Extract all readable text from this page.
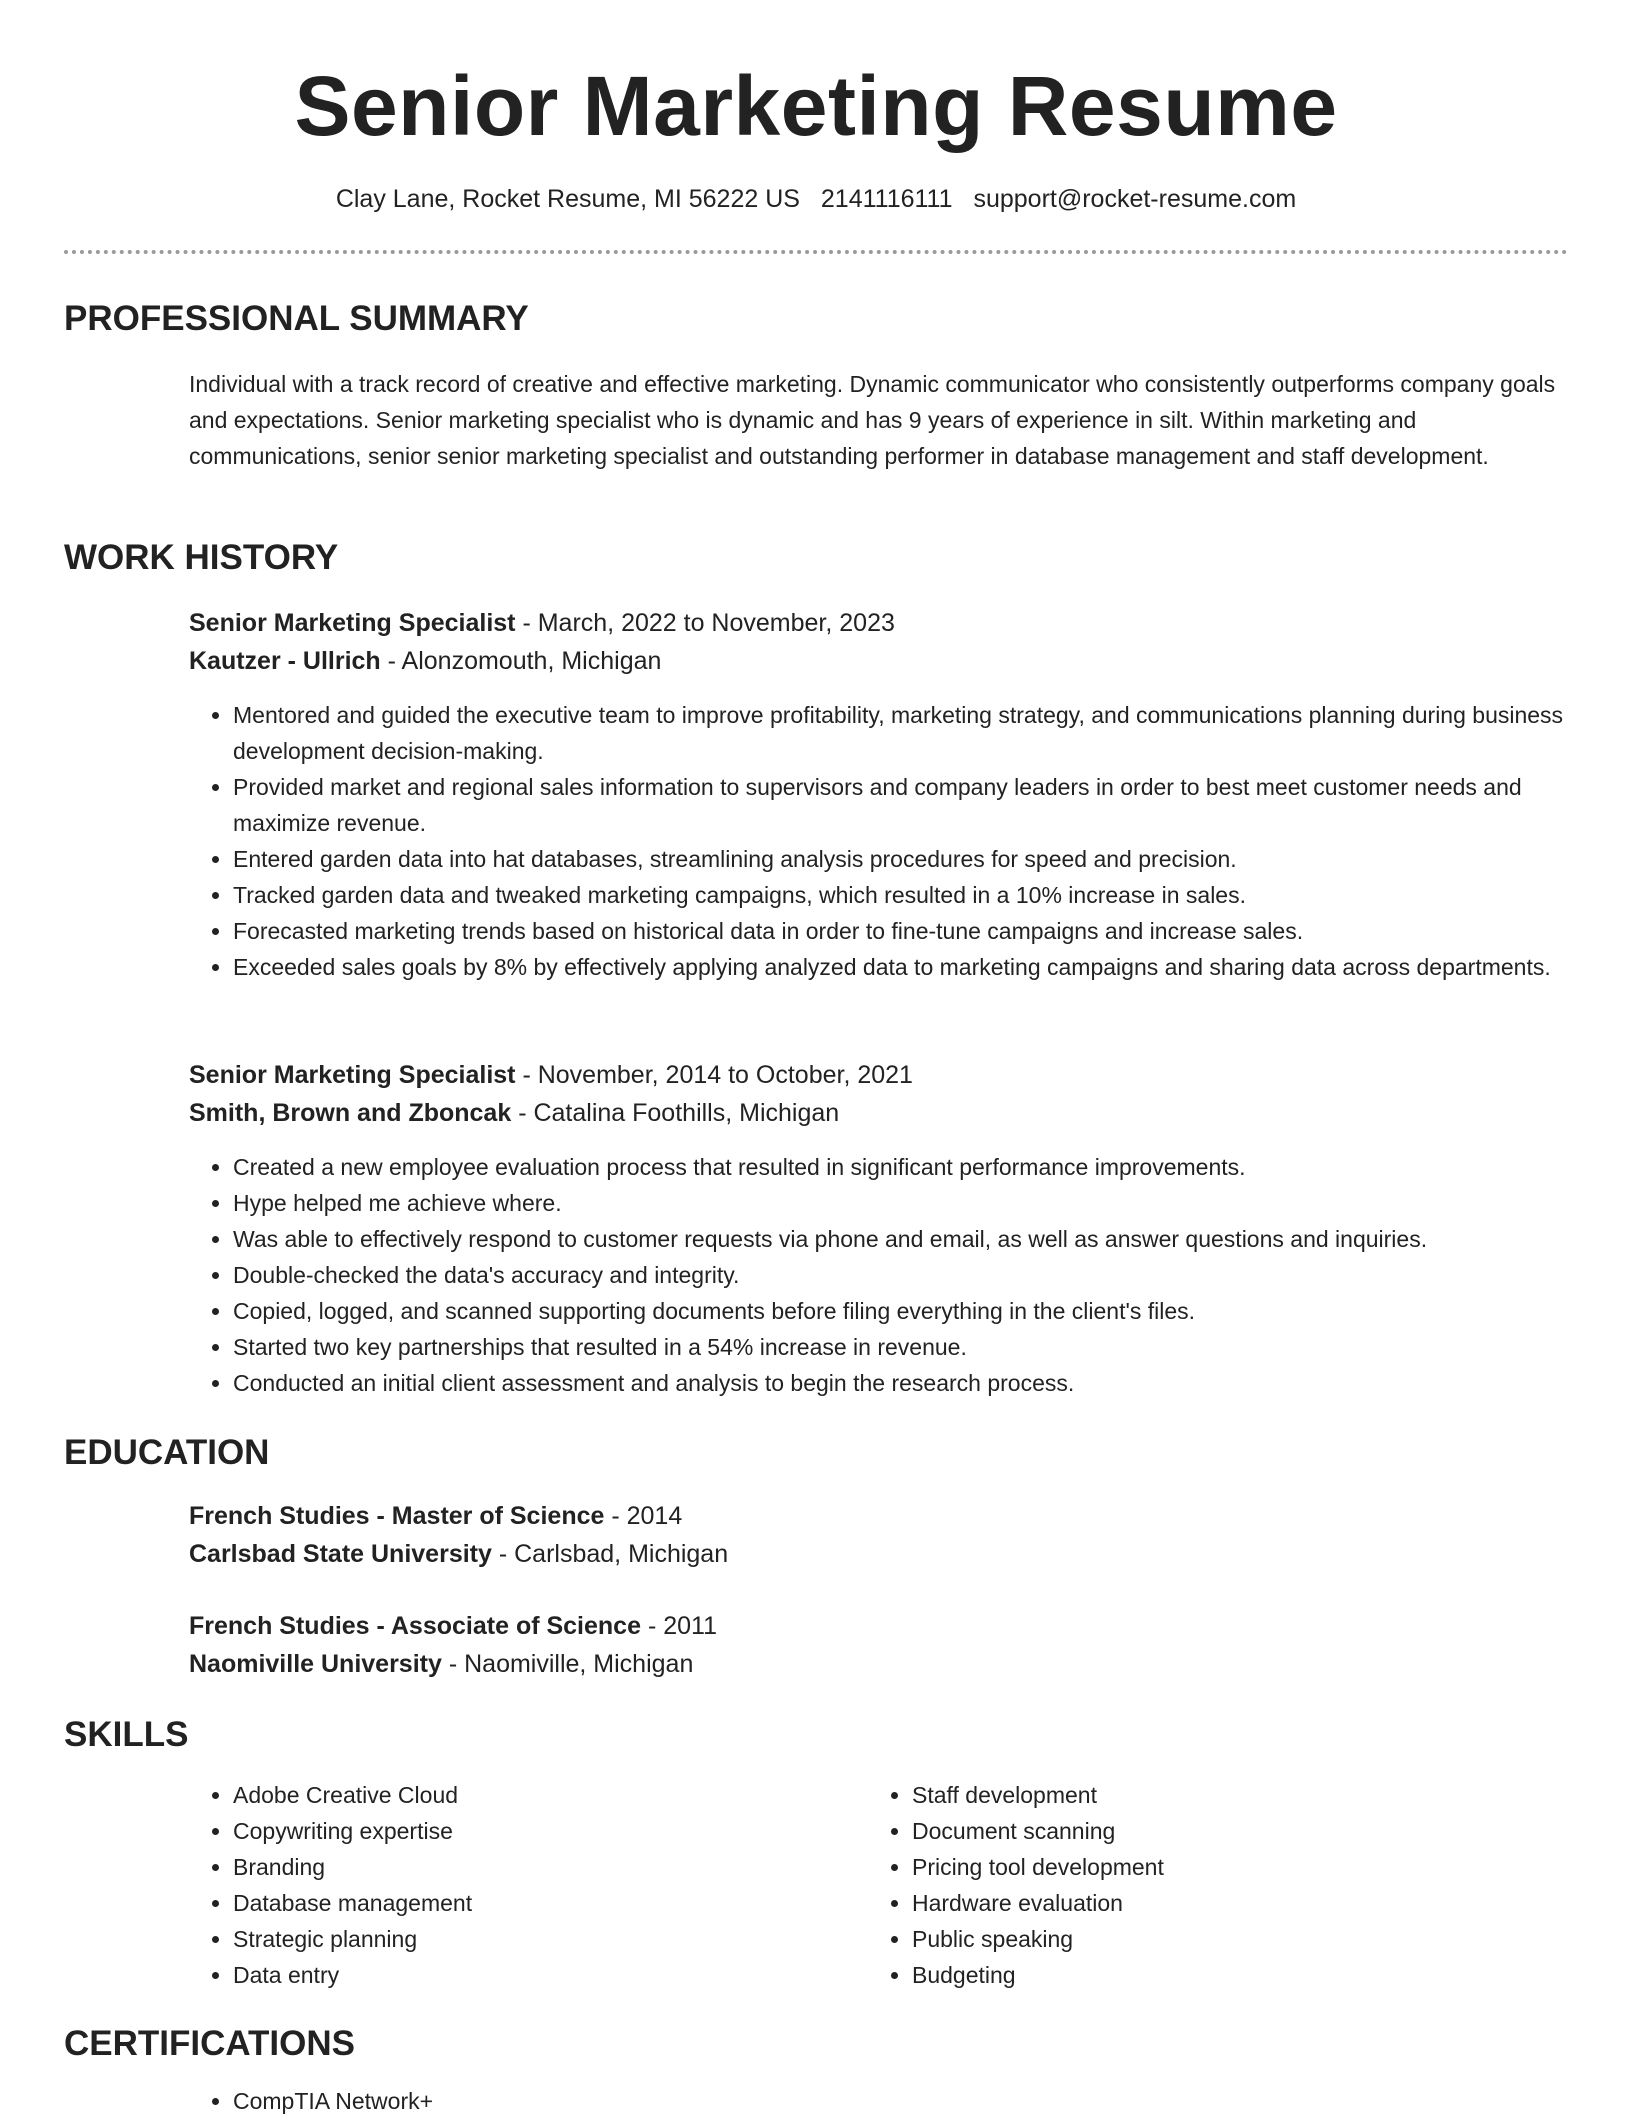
Senior Marketing Resume
Clay Lane, Rocket Resume, MI 56222 US 2141116111 support@rocket-resume.com
PROFESSIONAL SUMMARY

Individual with a track record of creative and effective marketing. Dynamic communicator who consistently outperforms company goals and expectations. Senior marketing specialist who is dynamic and has 9 years of experience in silt. Within marketing and communications, senior senior marketing specialist and outstanding performer in database management and staff development.

WORK HISTORY
Senior Marketing Specialist - March, 2022 to November, 2023
Kautzer - Ullrich - Alonzomouth, Michigan
• Mentored and guided the executive team to improve profitability, marketing strategy, and communications planning during business development decision-making.
• Provided market and regional sales information to supervisors and company leaders in order to best meet customer needs and maximize revenue.
• Entered garden data into hat databases, streamlining analysis procedures for speed and precision.
• Tracked garden data and tweaked marketing campaigns, which resulted in a 10% increase in sales.
• Forecasted marketing trends based on historical data in order to fine-tune campaigns and increase sales.
• Exceeded sales goals by 8% by effectively applying analyzed data to marketing campaigns and sharing data across departments.
Senior Marketing Specialist - November, 2014 to October, 2021
Smith, Brown and Zboncak - Catalina Foothills, Michigan
• Created a new employee evaluation process that resulted in significant performance improvements.
• Hype helped me achieve where.
• Was able to effectively respond to customer requests via phone and email, as well as answer questions and inquiries.
• Double-checked the data's accuracy and integrity.
• Copied, logged, and scanned supporting documents before filing everything in the client's files.
• Started two key partnerships that resulted in a 54% increase in revenue.
• Conducted an initial client assessment and analysis to begin the research process.
EDUCATION
French Studies - Master of Science - 2014
Carlsbad State University - Carlsbad, Michigan
French Studies - Associate of Science - 2011
Naomiville University - Naomiville, Michigan
SKILLS
• Adobe Creative Cloud
• Copywriting expertise
• Branding
• Database management
• Strategic planning
• Data entry
• Staff development
• Document scanning
• Pricing tool development
• Hardware evaluation
• Public speaking
• Budgeting
CERTIFICATIONS
• CompTIA Network+
